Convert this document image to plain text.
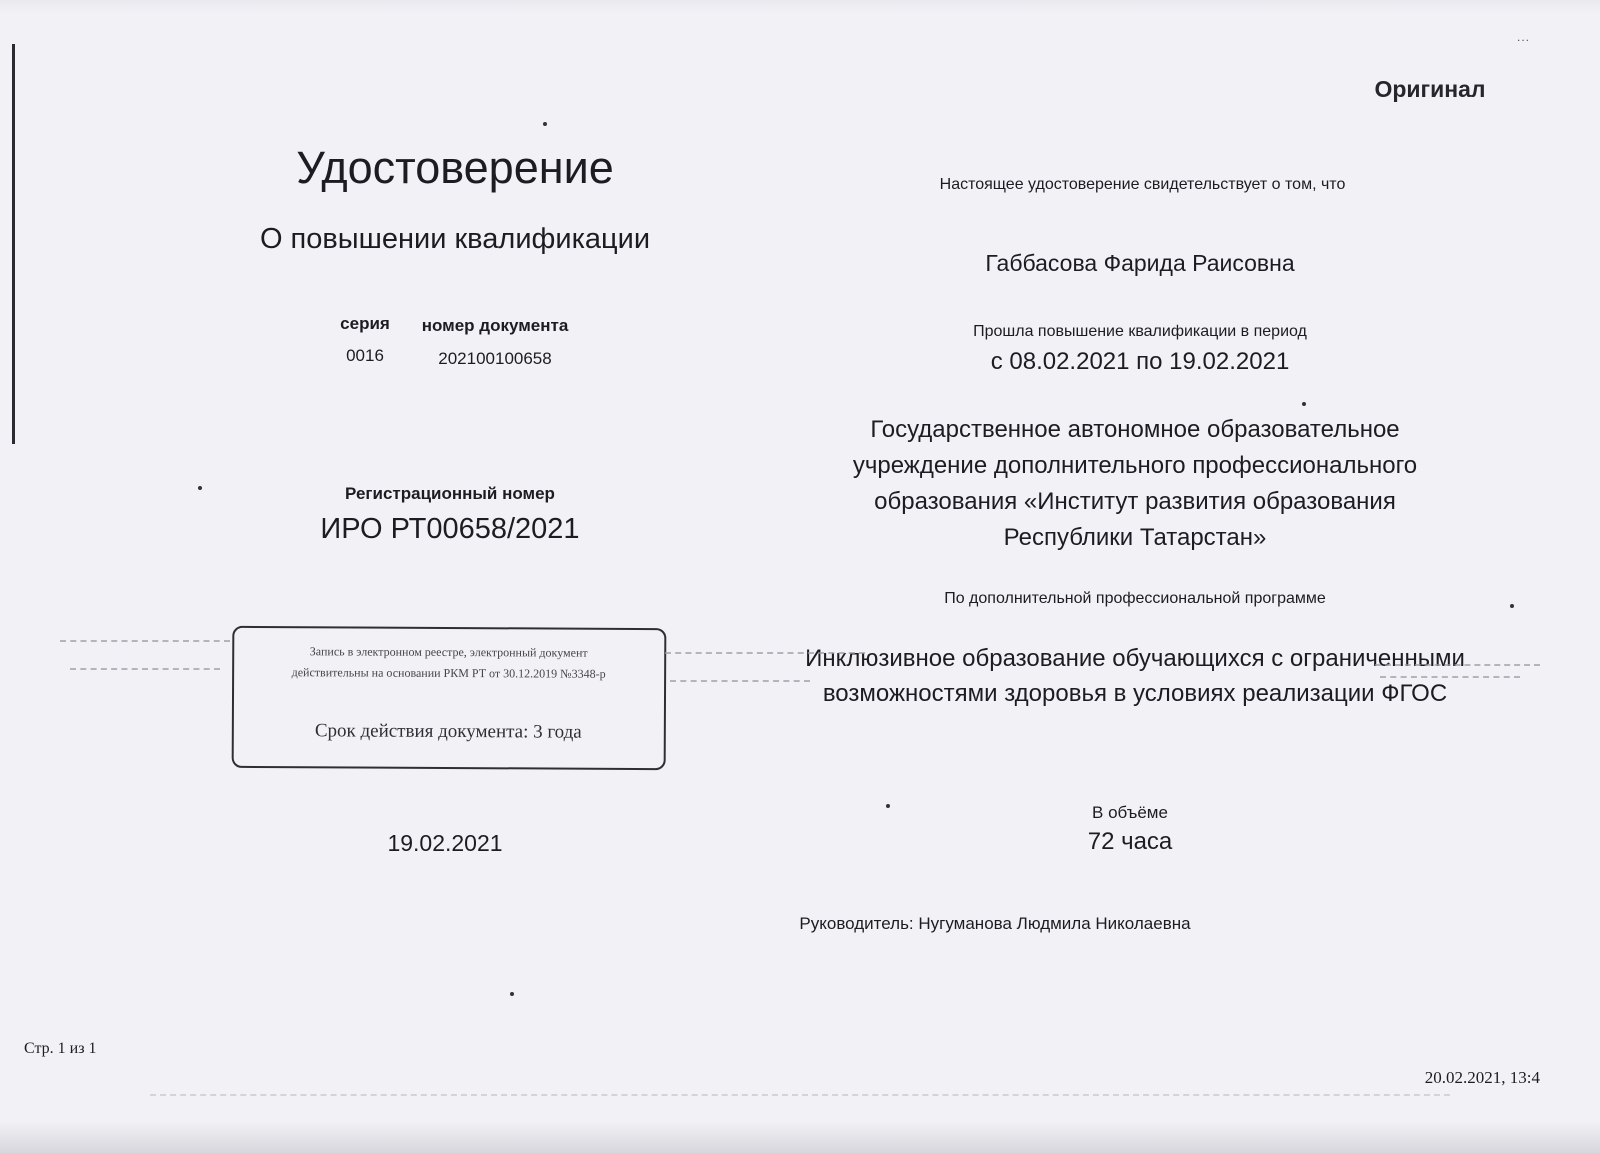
...
Оригинал
Удостоверение
О повышении квалификации
серия	номер документа
0016	202100100658
Регистрационный номер
ИРО РТ00658/2021
Запись в электронном реестре, электронный документ
действительны на основании РКМ РТ от 30.12.2019 №3348-р
Срок действия документа: 3 года
19.02.2021
Настоящее удостоверение свидетельствует о том, что
Габбасова Фарида Раисовна
Прошла повышение квалификации в период
с 08.02.2021 по 19.02.2021
Государственное автономное образовательное учреждение дополнительного профессионального образования «Институт развития образования Республики Татарстан»
По дополнительной профессиональной программе
Инклюзивное образование обучающихся с ограниченными возможностями здоровья в условиях реализации ФГОС
В объёме
72 часа
Руководитель: Нугуманова Людмила Николаевна
Стр. 1 из 1
20.02.2021, 13:4
